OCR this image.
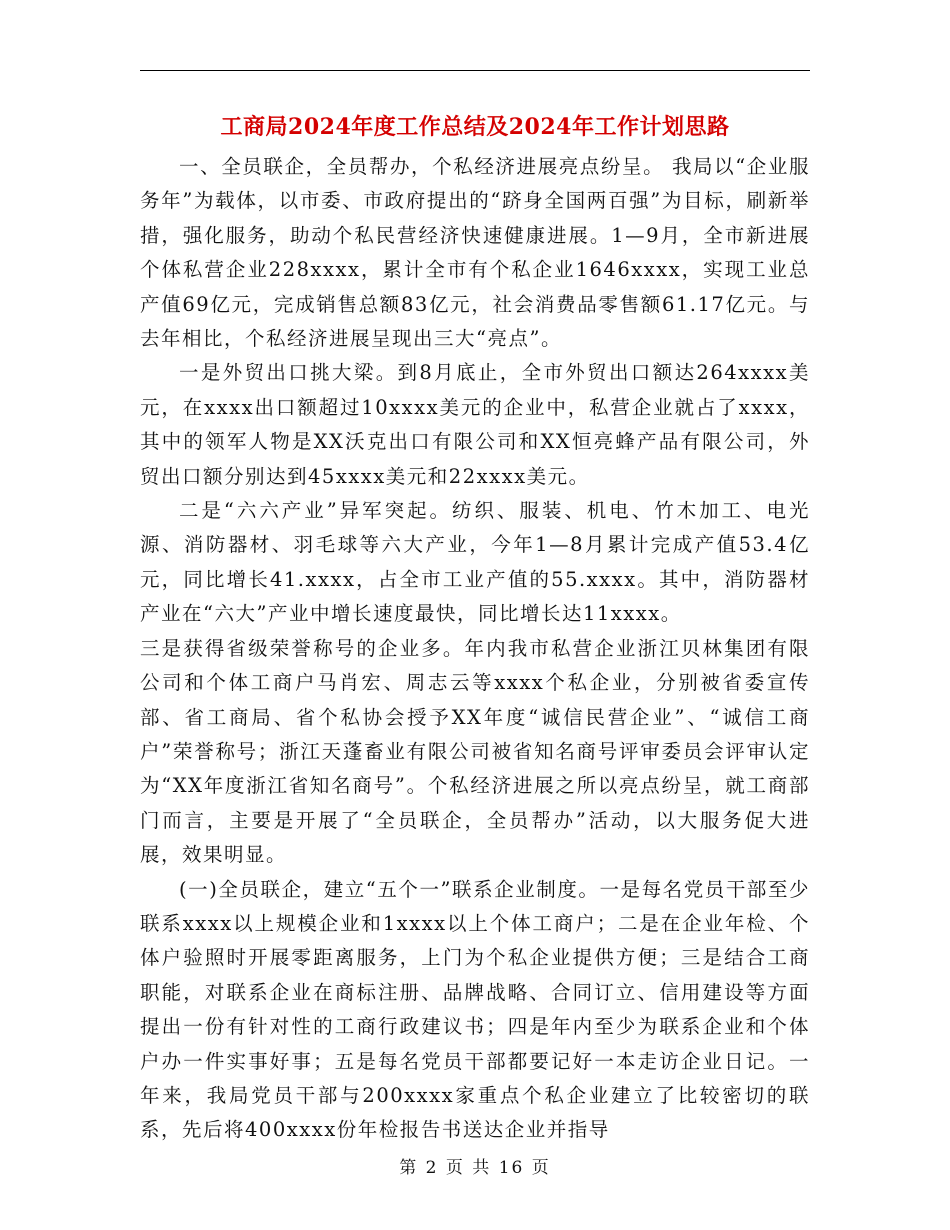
工商局2024年度工作总结及2024年工作计划思路

一、全员联企，全员帮办，个私经济进展亮点纷呈。 我局以“企业服务年”为载体，以市委、市政府提出的“跻身全国两百强”为目标，刷新举措，强化服务，助动个私民营经济快速健康进展。1—9月，全市新进展个体私营企业228xxxx，累计全市有个私企业1646xxxx，实现工业总产值69亿元，完成销售总额83亿元，社会消费品零售额61.17亿元。与去年相比，个私经济进展呈现出三大“亮点”。

一是外贸出口挑大梁。到8月底止，全市外贸出口额达264xxxx美元，在xxxx出口额超过10xxxx美元的企业中，私营企业就占了xxxx，其中的领军人物是XX沃克出口有限公司和XX恒亮蜂产品有限公司，外贸出口额分别达到45xxxx美元和22xxxx美元。

二是“六六产业”异军突起。纺织、服装、机电、竹木加工、电光源、消防器材、羽毛球等六大产业，今年1—8月累计完成产值53.4亿元，同比增长41.xxxx，占全市工业产值的55.xxxx。其中，消防器材产业在“六大”产业中增长速度最快，同比增长达11xxxx。

三是获得省级荣誉称号的企业多。年内我市私营企业浙江贝林集团有限公司和个体工商户马肖宏、周志云等xxxx个私企业，分别被省委宣传部、省工商局、省个私协会授予XX年度“诚信民营企业”、“诚信工商户”荣誉称号；浙江天蓬畜业有限公司被省知名商号评审委员会评审认定为“XX年度浙江省知名商号”。个私经济进展之所以亮点纷呈，就工商部门而言，主要是开展了“全员联企，全员帮办”活动，以大服务促大进展，效果明显。

(一)全员联企，建立“五个一”联系企业制度。一是每名党员干部至少联系xxxx以上规模企业和1xxxx以上个体工商户；二是在企业年检、个体户验照时开展零距离服务，上门为个私企业提供方便；三是结合工商职能，对联系企业在商标注册、品牌战略、合同订立、信用建设等方面提出一份有针对性的工商行政建议书；四是年内至少为联系企业和个体户办一件实事好事；五是每名党员干部都要记好一本走访企业日记。一年来，我局党员干部与200xxxx家重点个私企业建立了比较密切的联系，先后将400xxxx份年检报告书送达企业并指导

第 2 页 共 16 页
